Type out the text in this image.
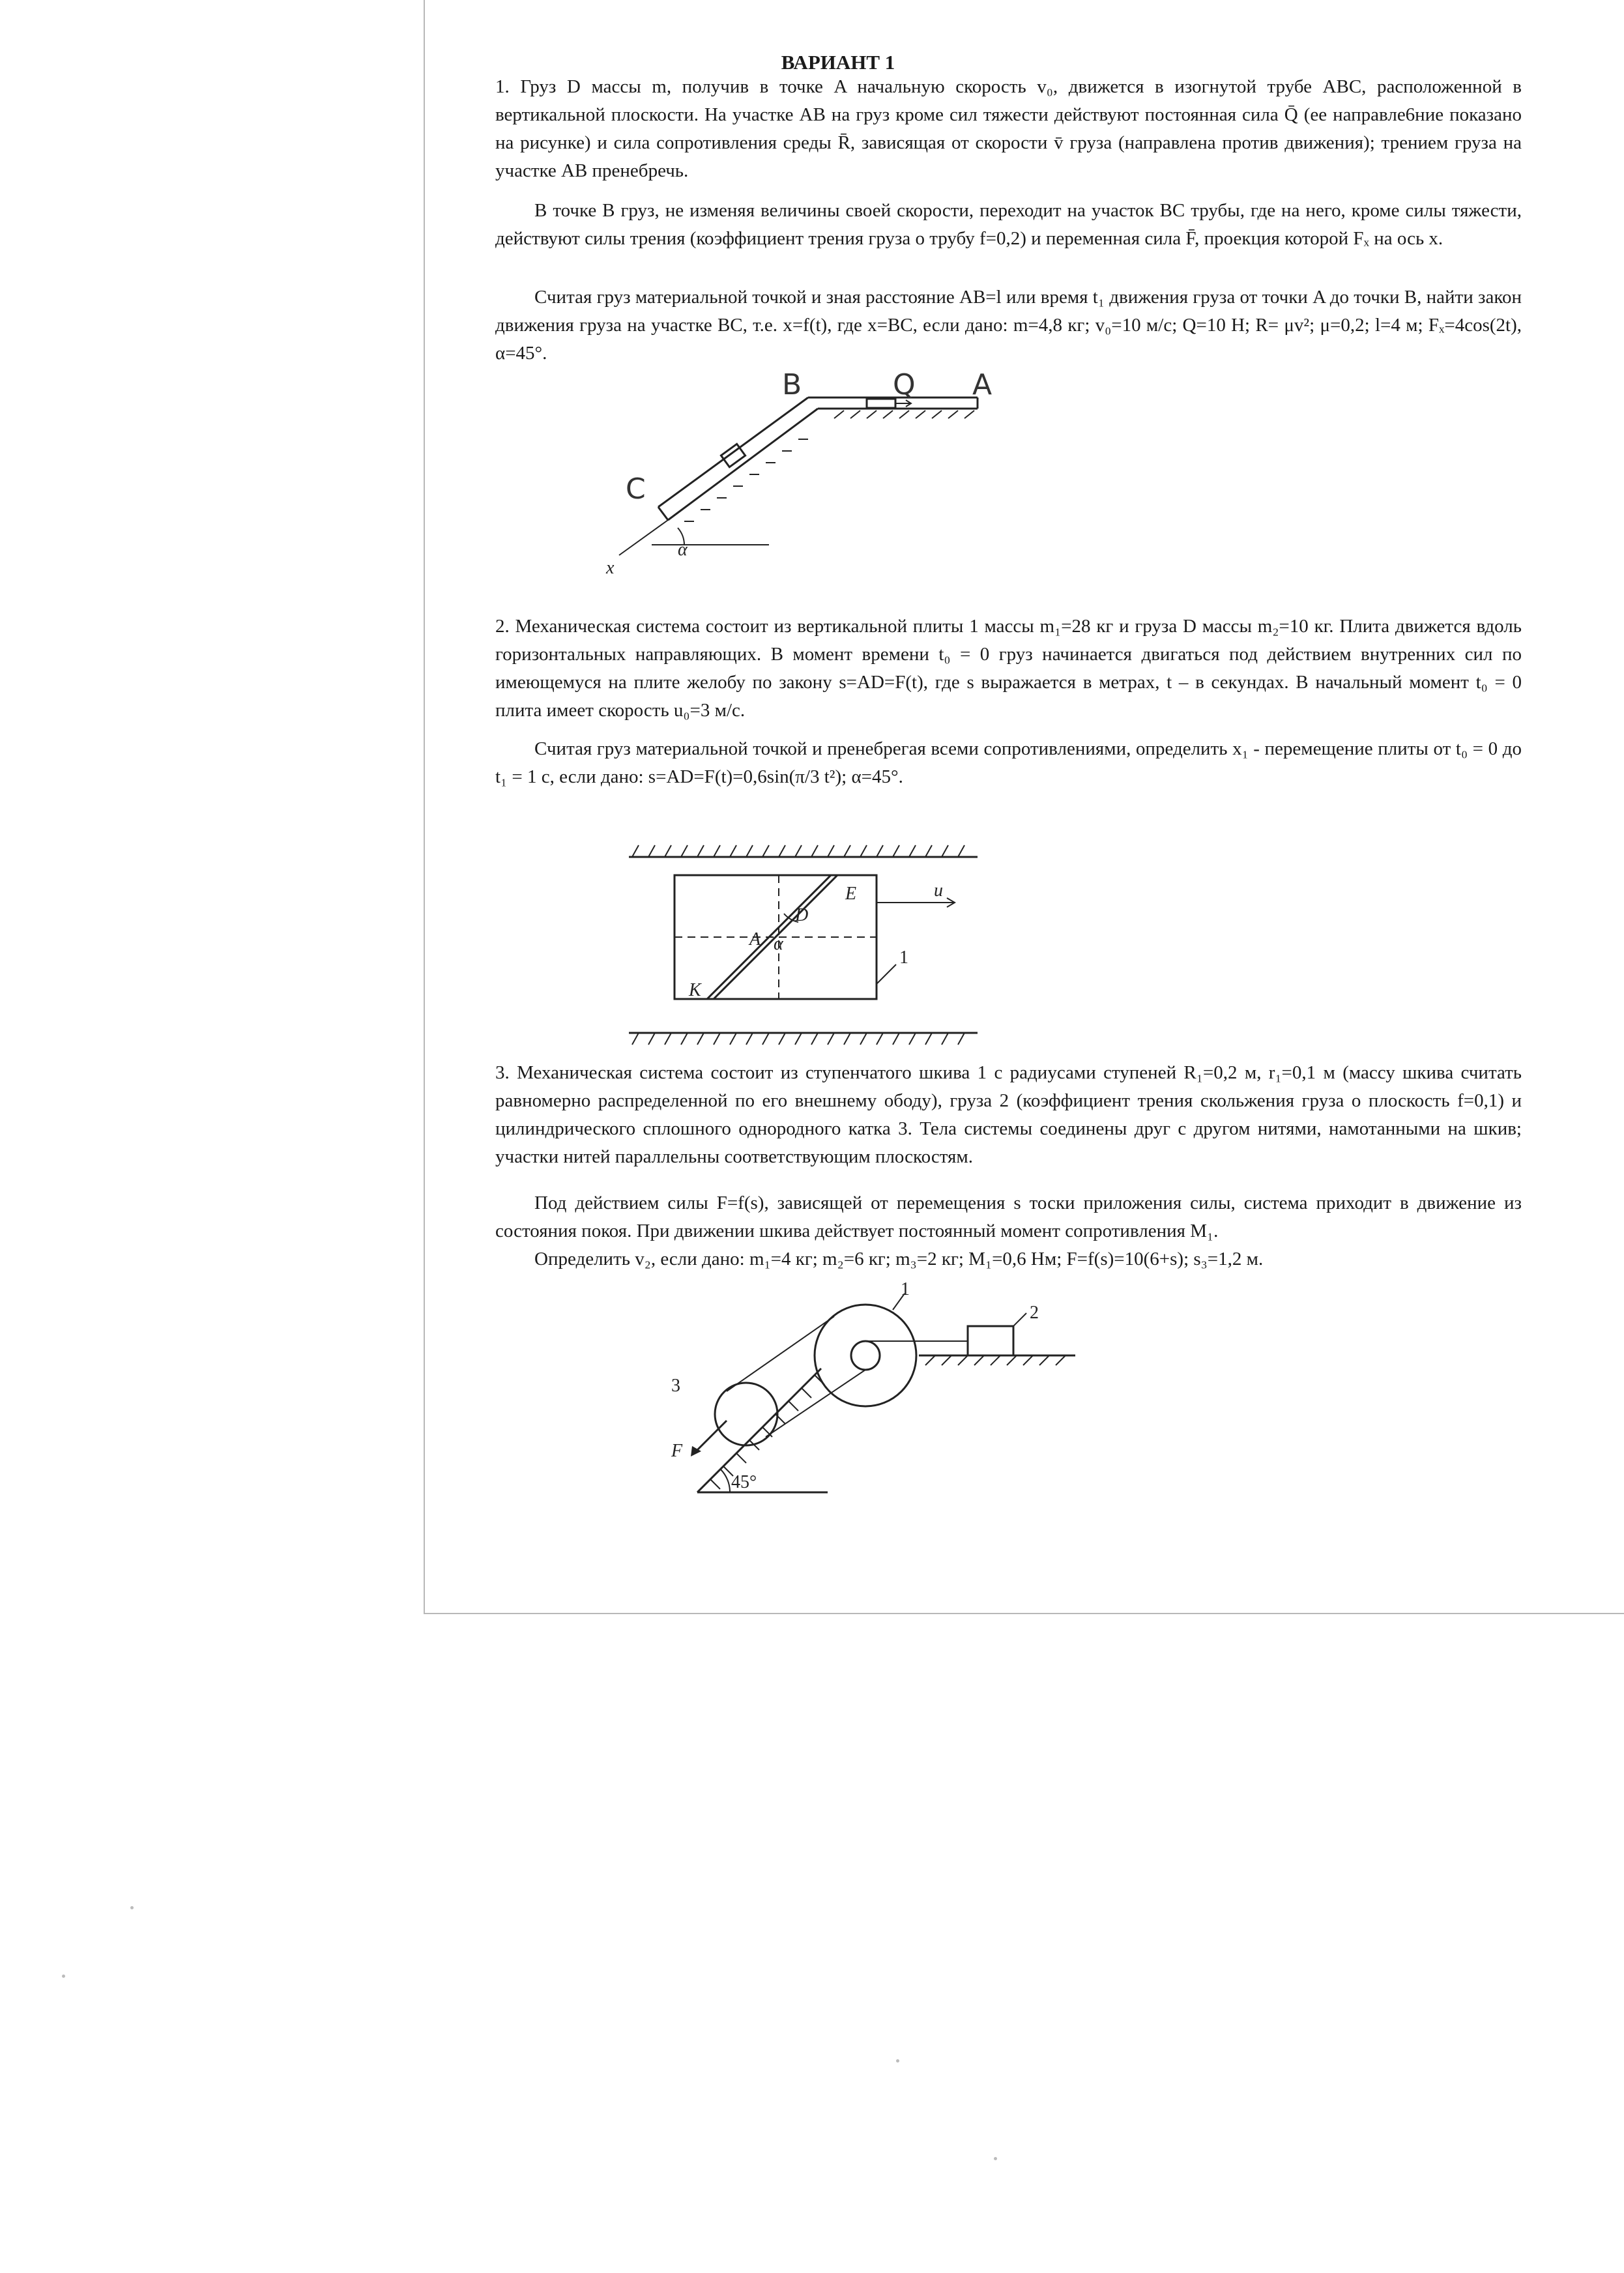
ВАРИАНТ 1

1. Груз D массы m, получив в точке A начальную скорость v₀, движется в изогнутой трубе ABC, расположенной в вертикальной плоскости. На участке AB на груз кроме сил тяжести действуют постоянная сила Q̄ (ее направле6ние показано на рисунке) и сила сопротивления среды R̄, зависящая от скорости v̄ груза (направлена против движения); трением груза на участке AB пренебречь.

В точке B груз, не изменяя величины своей скорости, переходит на участок BC трубы, где на него, кроме силы тяжести, действуют силы трения (коэффициент трения груза о трубу f=0,2) и переменная сила F̄, проекция которой Fₓ на ось x.

Считая груз материальной точкой и зная расстояние AB=l или время t₁ движения груза от точки A до точки B, найти закон движения груза на участке BC, т.е. x=f(t), где x=BC, если дано: m=4,8 кг; v₀=10 м/с; Q=10 Н; R= μv²; μ=0,2; l=4 м; Fₓ=4cos(2t), α=45°.

B	Q A
C
α
x

2. Механическая система состоит из вертикальной плиты 1 массы m₁=28 кг и груза D массы m₂=10 кг. Плита движется вдоль горизонтальных направляющих. В момент времени t₀ = 0 груз начинается двигаться под действием внутренних сил по имеющемуся на плите желобу по закону s=AD=F(t), где s выражается в метрах, t – в секундах. В начальный момент t₀ = 0 плита имеет скорость u₀=3 м/с.

Считая груз материальной точкой и пренебрегая всеми сопротивлениями, определить x₁ - перемещение плиты от t₀ = 0 до t₁ = 1 с, если дано: s=AD=F(t)=0,6sin(π/3 t²); α=45°.

E
D
A α
K
u
1

3. Механическая система состоит из ступенчатого шкива 1 с радиусами ступеней R₁=0,2 м, r₁=0,1 м (массу шкива считать равномерно распределенной по его внешнему ободу), груза 2 (коэффициент трения скольжения груза о плоскость f=0,1) и цилиндрического сплошного однородного катка 3. Тела системы соединены друг с другом нитями, намотанными на шкив; участки нитей параллельны соответствующим плоскостям.

Под действием силы F=f(s), зависящей от перемещения s тоски приложения силы, система приходит в движение из состояния покоя. При движении шкива действует постоянный момент сопротивления M₁.

Определить v₂, если дано: m₁=4 кг; m₂=6 кг; m₃=2 кг; M₁=0,6 Нм; F=f(s)=10(6+s); s₃=1,2 м.

1
2
3
F
45°
